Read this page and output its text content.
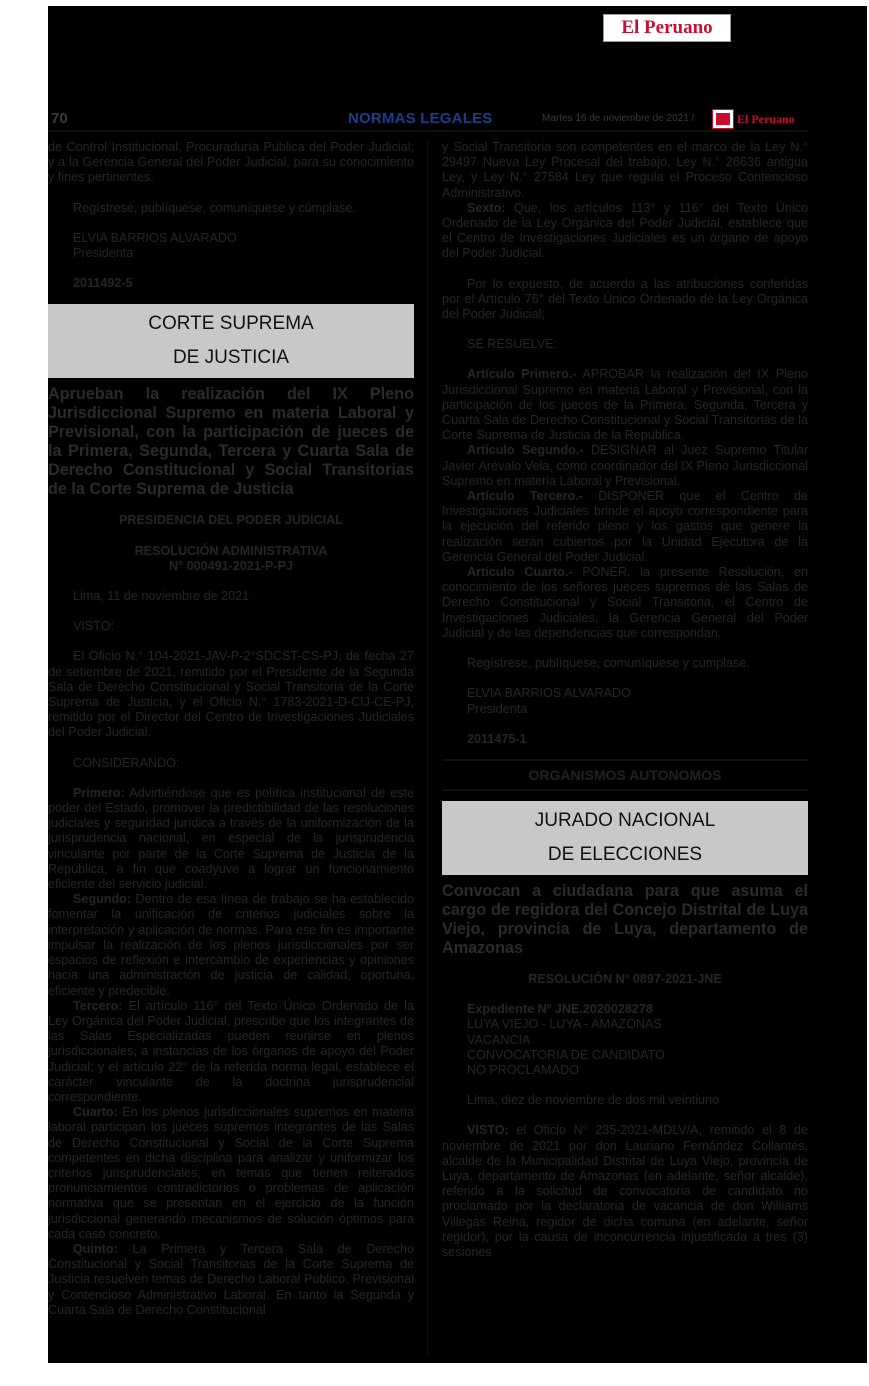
El Peruano
70	NORMAS LEGALES	Martes 16 de noviembre de 2021 /	El Peruano

de Control Institucional, Procuraduría Pública del Poder Judicial; y a la Gerencia General del Poder Judicial, para su conocimiento y fines pertinentes.

Regístrese, publíquese, comuníquese y cúmplase.

ELVIA BARRIOS ALVARADO

Presidenta

2011492-5

CORTE SUPREMA
DE JUSTICIA

Aprueban la realización del IX Pleno Jurisdiccional Supremo en materia Laboral y Previsional, con la participación de jueces de la Primera, Segunda, Tercera y Cuarta Sala de Derecho Constitucional y Social Transitorias de la Corte Suprema de Justicia

PRESIDENCIA DEL PODER JUDICIAL

RESOLUCIÓN ADMINISTRATIVA

N° 000491-2021-P-PJ

Lima, 11 de noviembre de 2021

VISTO:

El Oficio N.° 104-2021-JAV-P-2°SDCST-CS-PJ, de fecha 27 de setiembre de 2021, remitido por el Presidente de la Segunda Sala de Derecho Constitucional y Social Transitoria de la Corte Suprema de Justicia, y el Oficio N.° 1783-2021-D-CIJ-CE-PJ, remitido por el Director del Centro de Investigaciones Judiciales del Poder Judicial.

CONSIDERANDO:

Primero: Advirtiéndose que es política institucional de este poder del Estado, promover la predictibilidad de las resoluciones judiciales y seguridad jurídica a través de la uniformización de la jurisprudencia nacional, en especial de la jurisprudencia vinculante por parte de la Corte Suprema de Justicia de la República, a fin que coadyuve a lograr un funcionamiento eficiente del servicio judicial.

Segundo: Dentro de esa línea de trabajo se ha establecido fomentar la unificación de criterios judiciales sobre la interpretación y aplicación de normas. Para ese fin es importante impulsar la realización de los plenos jurisdiccionales por ser espacios de reflexión e intercambio de experiencias y opiniones hacia una administración de justicia de calidad, oportuna, eficiente y predecible.

Tercero: El artículo 116° del Texto Único Ordenado de la Ley Orgánica del Poder Judicial, prescribe que los integrantes de las Salas Especializadas pueden reunirse en plenos jurisdiccionales, a instancias de los órganos de apoyo del Poder Judicial; y el artículo 22° de la referida norma legal, establece el carácter vinculante de la doctrina jurisprudencial correspondiente.

Cuarto: En los plenos jurisdiccionales supremos en materia laboral participan los jueces supremos integrantes de las Salas de Derecho Constitucional y Social de la Corte Suprema competentes en dicha disciplina para analizar y uniformizar los criterios jurisprudenciales, en temas que tienen reiterados pronunciamientos contradictorios o problemas de aplicación normativa que se presentan en el ejercicio de la función jurisdiccional generando mecanismos de solución óptimos para cada caso concreto.

Quinto: La Primera y Tercera Sala de Derecho Constitucional y Social Transitorias de la Corte Suprema de Justicia resuelven temas de Derecho Laboral Público, Previsional y Contencioso Administrativo Laboral. En tanto la Segunda y Cuarta Sala de Derecho Constitucional

y Social Transitoria son competentes en el marco de la Ley N.° 29497 Nueva Ley Procesal del trabajo, Ley N.° 26636 antigua Ley, y Ley N.° 27584 Ley que regula el Proceso Contencioso Administrativo.

Sexto: Que, los artículos 113° y 116° del Texto Único Ordenado de la Ley Orgánica del Poder Judicial, establece que el Centro de Investigaciones Judiciales es un órgano de apoyo del Poder Judicial.

Por lo expuesto, de acuerdo a las atribuciones conferidas por el Artículo 76° del Texto Único Ordenado de la Ley Orgánica del Poder Judicial;

SE RESUELVE:

Artículo Primero.- APROBAR la realización del IX Pleno Jurisdiccional Supremo en materia Laboral y Previsional, con la participación de los jueces de la Primera, Segunda, Tercera y Cuarta Sala de Derecho Constitucional y Social Transitorias de la Corte Suprema de Justicia de la República.

Artículo Segundo.- DESIGNAR al Juez Supremo Titular Javier Arévalo Vela, como coordinador del IX Pleno Jurisdiccional Supremo en materia Laboral y Previsional.

Artículo Tercero.- DISPONER que el Centro de Investigaciones Judiciales brinde el apoyo correspondiente para la ejecución del referido pleno y los gastos que genere la realización serán cubiertos por la Unidad Ejecutora de la Gerencia General del Poder Judicial.

Artículo Cuarto.- PONER, la presente Resolución, en conocimiento de los señores jueces supremos de las Salas de Derecho Constitucional y Social Transitoria, el Centro de Investigaciones Judiciales, la Gerencia General del Poder Judicial y de las dependencias que correspondan.

Regístrese, publíquese, comuníquese y cúmplase.

ELVIA BARRIOS ALVARADO

Presidenta

2011475-1

ORGANISMOS AUTONOMOS

JURADO NACIONAL
DE ELECCIONES

Convocan a ciudadana para que asuma el cargo de regidora del Concejo Distrital de Luya Viejo, provincia de Luya, departamento de Amazonas

RESOLUCIÓN Nº 0897-2021-JNE

Expediente Nº JNE.2020028278

LUYA VIEJO - LUYA - AMAZONAS

VACANCIA

CONVOCATORIA DE CANDIDATO

NO PROCLAMADO

Lima, diez de noviembre de dos mil veintiuno

VISTO: el Oficio N° 235-2021-MDLV/A, remitido el 8 de noviembre de 2021 por don Lauriano Fernández Collantes, alcalde de la Municipalidad Distrital de Luya Viejo, provincia de Luya, departamento de Amazonas (en adelante, señor alcalde), referido a la solicitud de convocatoria de candidato no proclamado por la declaratoria de vacancia de don Williams Villegas Reina, regidor de dicha comuna (en adelante, señor regidor), por la causa de inconcurrencia injustificada a tres (3) sesiones
